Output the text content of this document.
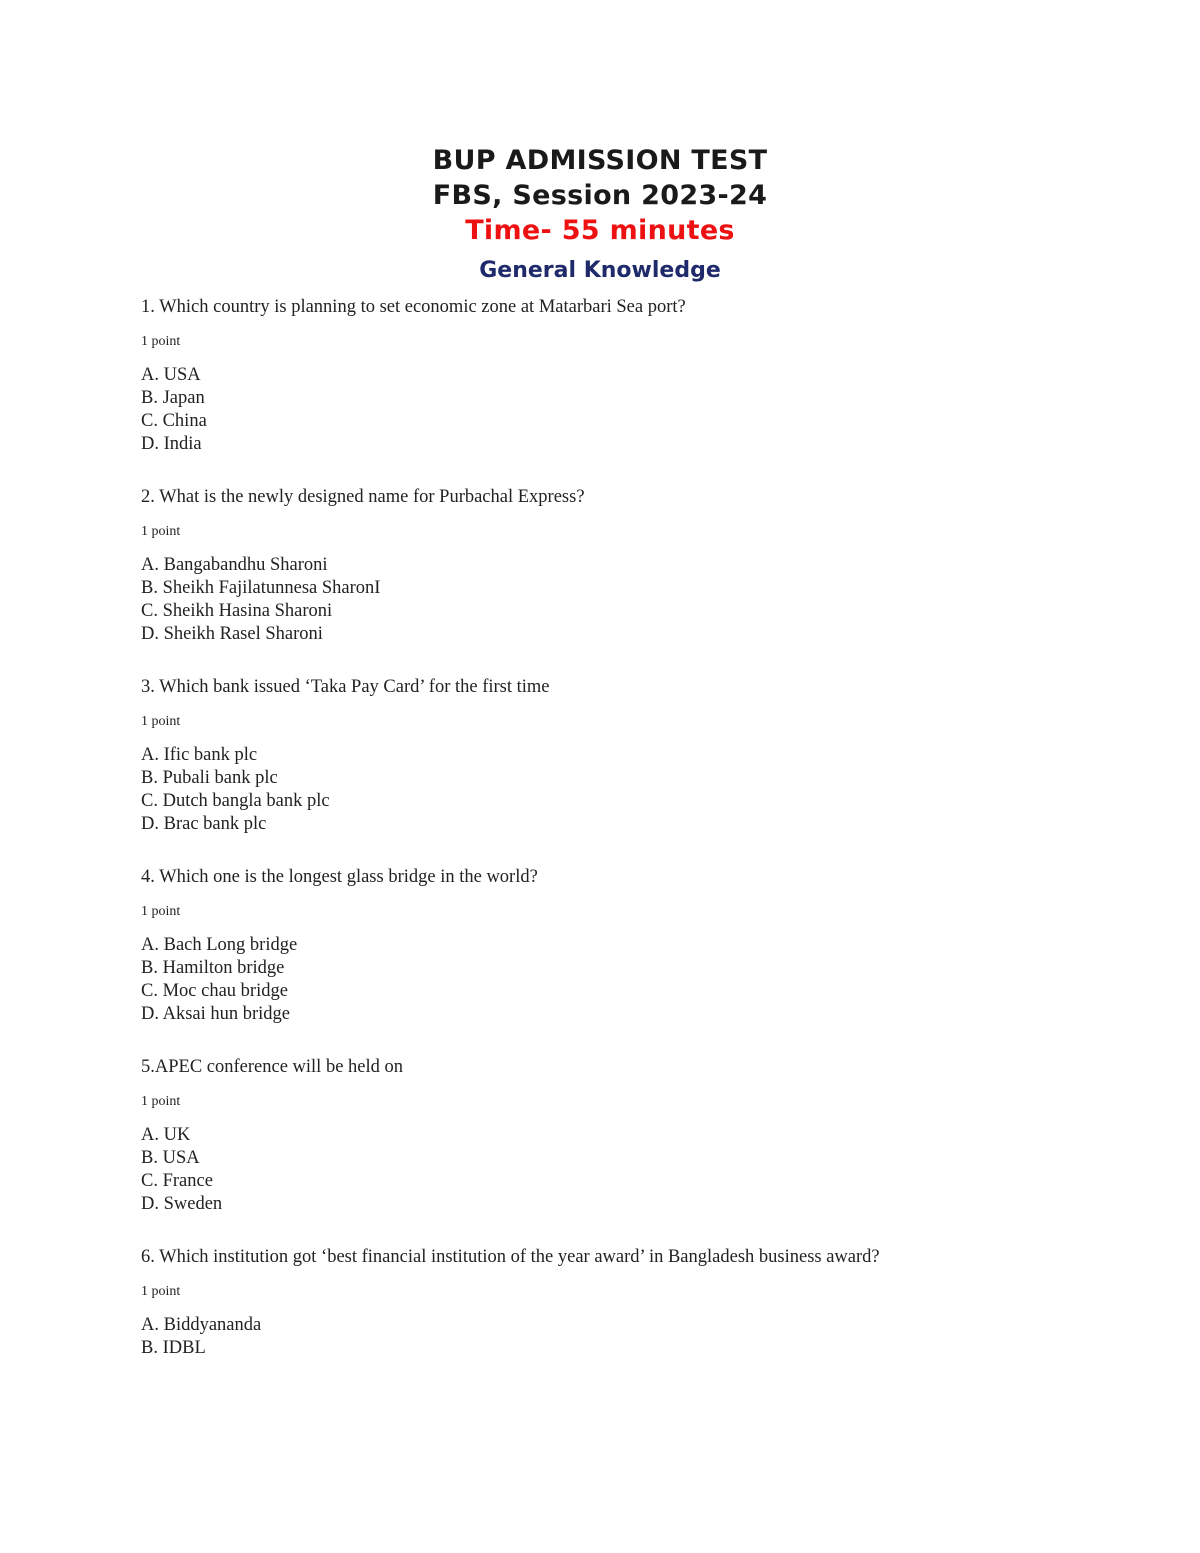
BUP ADMISSION TEST
FBS, Session 2023-24
Time- 55 minutes
General Knowledge

1. Which country is planning to set economic zone at Matarbari Sea port?

1 point

A. USA
B. Japan
C. China
D. India

2. What is the newly designed name for Purbachal Express?

1 point

A. Bangabandhu Sharoni
B. Sheikh Fajilatunnesa SharonI
C. Sheikh Hasina Sharoni
D. Sheikh Rasel Sharoni

3. Which bank issued ‘Taka Pay Card’ for the first time

1 point

A. Ific bank plc
B. Pubali bank plc
C. Dutch bangla bank plc
D. Brac bank plc

4. Which one is the longest glass bridge in the world?

1 point

A. Bach Long bridge
B. Hamilton bridge
C. Moc chau bridge
D. Aksai hun bridge

5.APEC conference will be held on

1 point

A. UK
B. USA
C. France
D. Sweden

6. Which institution got ‘best financial institution of the year award’ in Bangladesh business award?

1 point

A. Biddyananda
B. IDBL
